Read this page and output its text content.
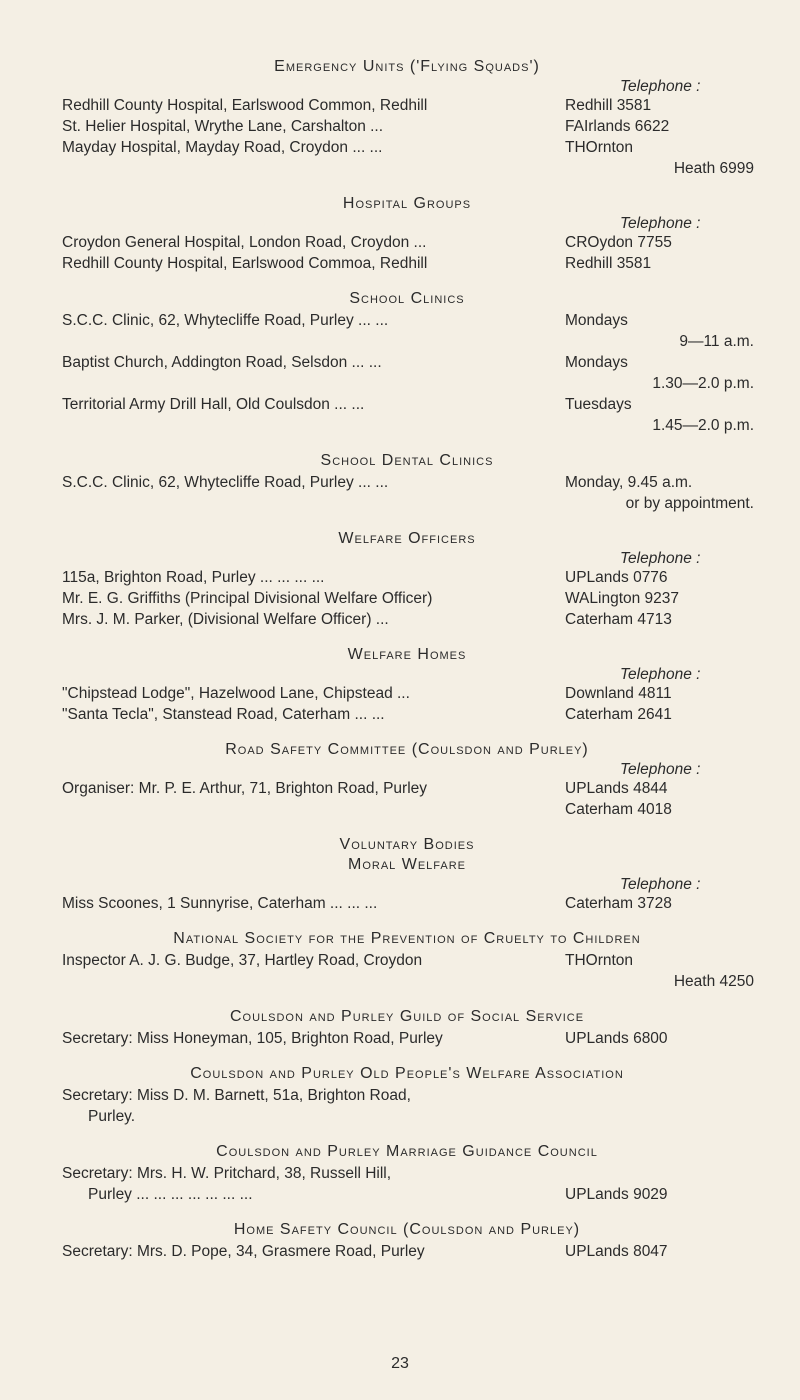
Emergency Units ('Flying Squads')
Telephone :
Redhill County Hospital, Earlswood Common, Redhill	Redhill 3581
St. Helier Hospital, Wrythe Lane, Carshalton ...	FAIrlands 6622
Mayday Hospital, Mayday Road, Croydon ... ...	THOrnton
Heath 6999
Hospital Groups
Telephone :
Croydon General Hospital, London Road, Croydon ...	CROydon 7755
Redhill County Hospital, Earlswood Commoa, Redhill	Redhill 3581
School Clinics
S.C.C. Clinic, 62, Whytecliffe Road, Purley ... ...	Mondays
9—11 a.m.
Baptist Church, Addington Road, Selsdon ... ...	Mondays
1.30—2.0 p.m.
Territorial Army Drill Hall, Old Coulsdon ... ...	Tuesdays
1.45—2.0 p.m.
School Dental Clinics
S.C.C. Clinic, 62, Whytecliffe Road, Purley ... ...	Monday, 9.45 a.m.
or by appointment.
Welfare Officers
Telephone :
115a, Brighton Road, Purley ... ... ... ...	UPLands 0776
Mr. E. G. Griffiths (Principal Divisional Welfare Officer)	WALington 9237
Mrs. J. M. Parker, (Divisional Welfare Officer) ...	Caterham 4713
Welfare Homes
Telephone :
"Chipstead Lodge", Hazelwood Lane, Chipstead ...	Downland 4811
"Santa Tecla", Stanstead Road, Caterham ... ...	Caterham 2641
Road Safety Committee (Coulsdon and Purley)
Telephone :
Organiser: Mr. P. E. Arthur, 71, Brighton Road, Purley	UPLands 4844
Caterham 4018
Voluntary Bodies
Moral Welfare
Telephone :
Miss Scoones, 1 Sunnyrise, Caterham ... ... ...	Caterham 3728
National Society for the Prevention of Cruelty to Children
Inspector A. J. G. Budge, 37, Hartley Road, Croydon	THOrnton
Heath 4250
Coulsdon and Purley Guild of Social Service
Secretary: Miss Honeyman, 105, Brighton Road, Purley	UPLands 6800
Coulsdon and Purley Old People's Welfare Association
Secretary: Miss D. M. Barnett, 51a, Brighton Road,
Purley.
Coulsdon and Purley Marriage Guidance Council
Secretary: Mrs. H. W. Pritchard, 38, Russell Hill,
Purley ... ... ... ... ... ... ...	UPLands 9029
Home Safety Council (Coulsdon and Purley)
Secretary: Mrs. D. Pope, 34, Grasmere Road, Purley	UPLands 8047
23
